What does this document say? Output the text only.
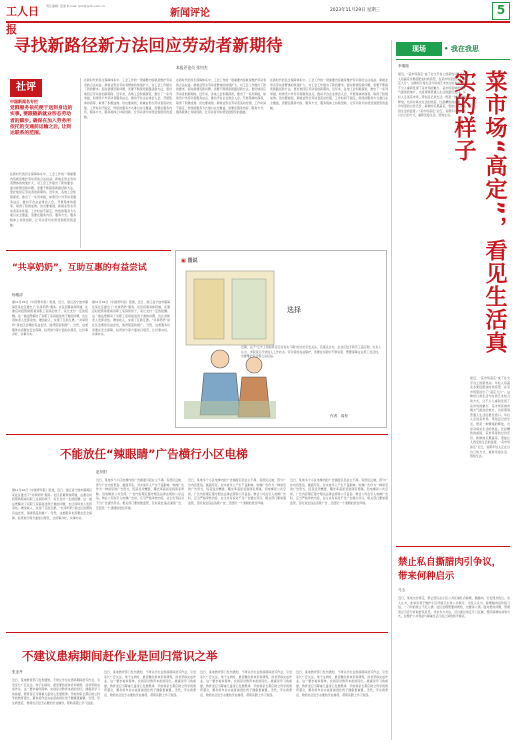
工人日报
责任编辑: 吴迪 E-mail: tjsh@grrb.com.cn
新闻评论	2023年11月29日 星期三	5
寻找新路径新方法回应劳动者新期待
本报评论员 张钊杰
社评
中国新闻名专栏
党群服务依托便于送到身边的实事, 要跟随新就业形态劳动者的脚步, 确保在加入劳务所依托的交通前运输之后, 让到达联系的范围。
在新时代的民生保障体系中、工会工作的一项重要内容就是维护劳动者的合法权益。新就业形态劳动者群体的快速扩大，对工会工作提出了新的要求。面对新情况新问题，需要不断探索新路径新方法，更好地回应劳动者的新期待。近年来，各地工会积极探索，推出了一系列举措，如建设户外劳动者服务站点、推动平台企业建会入会、开展集体协商等，取得了积极成效。但也要看到，新就业形态劳动者流动性强、工作时间不固定，传统的服务方式难以完全覆盖，需要在服务内容、服务方式、服务载体上持续创新，让劳动者切实感受到组织的温暖。
在新时代的民生保障体系中、工会工作的一项重要内容就是维护劳动者的合法权益。新就业形态劳动者群体的快速扩大，对工会工作提出了新的要求。面对新情况新问题，需要不断探索新路径新方法，更好地回应劳动者的新期待。近年来，各地工会积极探索，推出了一系列举措，如建设户外劳动者服务站点、推动平台企业建会入会、开展集体协商等，取得了积极成效。但也要看到，新就业形态劳动者流动性强、工作时间不固定，传统的服务方式难以完全覆盖，需要在服务内容、服务方式、服务载体上持续创新，让劳动者切实感受到组织的温暖。
在新时代的民生保障体系中、工会工作的一项重要内容就是维护劳动者的合法权益。新就业形态劳动者群体的快速扩大，对工会工作提出了新的要求。面对新情况新问题，需要不断探索新路径新方法，更好地回应劳动者的新期待。近年来，各地工会积极探索，推出了一系列举措，如建设户外劳动者服务站点、推动平台企业建会入会、开展集体协商等，取得了积极成效。但也要看到，新就业形态劳动者流动性强、工作时间不固定，传统的服务方式难以完全覆盖，需要在服务内容、服务方式、服务载体上持续创新，让劳动者切实感受到组织的温暖。
在新时代的民生保障体系中、工会工作的一项重要内容就是维护劳动者的合法权益。新就业形态劳动者群体的快速扩大，对工会工作提出了新的要求。面对新情况新问题，需要不断探索新路径新方法，更好地回应劳动者的新期待。近年来，各地工会积极探索，推出了一系列举措，如建设户外劳动者服务站点、推动平台企业建会入会、开展集体协商等，取得了积极成效。但也要看到，新就业形态劳动者流动性强、工作时间不固定，传统的服务方式难以完全覆盖，需要在服务内容、服务方式、服务载体上持续创新，让劳动者切实感受到组织的温暖。
“共享奶奶”，互助互惠的有益尝试
杨敏清
据11月26日《中国青年报》报道，近日，浙江省宁波市镇海区某社区推出了“共享奶奶”服务。社区招募退休阿姨，在课后时段帮助照看双职工家庭的孩子，家长支付一定的报酬。这一做法既解决了双职工家庭接送孩子难的问题，也让退休老人发挥余热、增加收入，实现了互助互惠。“共享奶奶”是社区治理的有益尝试，值得借鉴和推广。当然，这类服务也需要在安全保障、权责划分等方面加以规范，让好事办好、实事办实。
据11月26日《中国青年报》报道，近日，浙江省宁波市镇海区某社区推出了“共享奶奶”服务。社区招募退休阿姨，在课后时段帮助照看双职工家庭的孩子，家长支付一定的报酬。这一做法既解决了双职工家庭接送孩子难的问题，也让退休老人发挥余热、增加收入，实现了互助互惠。“共享奶奶”是社区治理的有益尝试，值得借鉴和推广。当然，这类服务也需要在安全保障、权责划分等方面加以规范，让好事办好、实事办实。
▣ 图说
选择
近期，关于“正式上班前是否应该有实习期”的讨论引发关注。有观点认为，企业应给予新员工适应期；也有人认为，求职者应尽快进入工作状态。劳动者的权益保护，需要在实践中不断完善，既要保障企业用工灵活性，也要维护劳动者合法权益。
作者：周松
不能放任“辣眼睛”广告横行小区电梯
赵东阳
近日，某地多个小区电梯内的广告画面引起业主不满。有居民反映，部分广告内容低俗、画面夸张，对未成年人产生不良影响。电梯广告作为一种常见的广告形式，因其受众精准、曝光率高而受到商家青睐。但电梯是公共空间，广告内容理应遵守相关法律法规和公序良俗。物业公司在引入电梯广告时，应当严格审核内容，业主也有权对不当广告提出异议。相关部门要加强监管，及时查处违法违规广告，还居民一个清朗的居住环境。
近日，某地多个小区电梯内的广告画面引起业主不满。有居民反映，部分广告内容低俗、画面夸张，对未成年人产生不良影响。电梯广告作为一种常见的广告形式，因其受众精准、曝光率高而受到商家青睐。但电梯是公共空间，广告内容理应遵守相关法律法规和公序良俗。物业公司在引入电梯广告时，应当严格审核内容，业主也有权对不当广告提出异议。相关部门要加强监管，及时查处违法违规广告，还居民一个清朗的居住环境。
近日，某地多个小区电梯内的广告画面引起业主不满。有居民反映，部分广告内容低俗、画面夸张，对未成年人产生不良影响。电梯广告作为一种常见的广告形式，因其受众精准、曝光率高而受到商家青睐。但电梯是公共空间，广告内容理应遵守相关法律法规和公序良俗。物业公司在引入电梯广告时，应当严格审核内容，业主也有权对不当广告提出异议。相关部门要加强监管，及时查处违法违规广告，还居民一个清朗的居住环境。
据11月26日《中国青年报》报道，近日，浙江省宁波市镇海区某社区推出了“共享奶奶”服务。社区招募退休阿姨，在课后时段帮助照看双职工家庭的孩子，家长支付一定的报酬。这一做法既解决了双职工家庭接送孩子难的问题，也让退休老人发挥余热、增加收入，实现了互助互惠。“共享奶奶”是社区治理的有益尝试，值得借鉴和推广。当然，这类服务也需要在安全保障、权责划分等方面加以规范，让好事办好、实事办实。
不建议患病期间赶作业是回归常识之举
张亚丹
近日，某地教育部门发布通知，不建议学生在患病期间赶写作业，引发家长广泛关注。孩子生病时，最需要的是休息和调养，而非带病完成作业。这一要求看似简单，实则是对教育本质的回归。健康是学习的前提，教育者应当尊重儿童身心发展规律。学校和家长都应树立科学的教育观念，避免将作业完成度看得比孩子健康更重要。当然，学生病愈后，教师也应给予必要的学业辅导，帮助其跟上学习进度。
近日，某地教育部门发布通知，不建议学生在患病期间赶写作业，引发家长广泛关注。孩子生病时，最需要的是休息和调养，而非带病完成作业。这一要求看似简单，实则是对教育本质的回归。健康是学习的前提，教育者应当尊重儿童身心发展规律。学校和家长都应树立科学的教育观念，避免将作业完成度看得比孩子健康更重要。当然，学生病愈后，教师也应给予必要的学业辅导，帮助其跟上学习进度。
近日，某地教育部门发布通知，不建议学生在患病期间赶写作业，引发家长广泛关注。孩子生病时，最需要的是休息和调养，而非带病完成作业。这一要求看似简单，实则是对教育本质的回归。健康是学习的前提，教育者应当尊重儿童身心发展规律。学校和家长都应树立科学的教育观念，避免将作业完成度看得比孩子健康更重要。当然，学生病愈后，教师也应给予必要的学业辅导，帮助其跟上学习进度。
近日，某地教育部门发布通知，不建议学生在患病期间赶写作业，引发家长广泛关注。孩子生病时，最需要的是休息和调养，而非带病完成作业。这一要求看似简单，实则是对教育本质的回归。健康是学习的前提，教育者应当尊重儿童身心发展规律。学校和家长都应树立科学的教育观念，避免将作业完成度看得比孩子健康更重要。当然，学生病愈后，教师也应给予必要的学业辅导，帮助其跟上学习进度。
现场	• 我在我思
李瑞瑞
菜市场“高定”，看见生活真实的样子
最近，“菜市场高定”成了社交平台上的新热词。年轻人将蔬菜水果搭配成时尚造型，在菜市场里拍出了“高定大片”。这种将日常生活与时尚艺术结合的方式，让不少人重新发现了菜市场的魅力。菜市场是城市烟火气最浓的地方，也是观察普通人生活的最佳窗口。年轻人走进菜市场，用创意记录生活，既是一种情绪的释放，也是对真实生活的热爱。比起精致的滤镜，菜市场里的讨价还价、新鲜的瓜果蔬菜，更能让人感受到生活的温度。“菜市场高定”走红，说明年轻人正在以自己的方式，重新连接生活、感知生活。
最近，“菜市场高定”成了社交平台上的新热词。年轻人将蔬菜水果搭配成时尚造型，在菜市场里拍出了“高定大片”。这种将日常生活与时尚艺术结合的方式，让不少人重新发现了菜市场的魅力。菜市场是城市烟火气最浓的地方，也是观察普通人生活的最佳窗口。年轻人走进菜市场，用创意记录生活，既是一种情绪的释放，也是对真实生活的热爱。比起精致的滤镜，菜市场里的讨价还价、新鲜的瓜果蔬菜，更能让人感受到生活的温度。“菜市场高定”走红，说明年轻人正在以自己的方式，重新连接生活、感知生活。
禁止私自撕腊肉引争议，带来何种启示
马玉
近日，某地出台规定，禁止居民在小区公共区域私自晾晒、撕腊肉，引发网友热议。有人认为，此举有利于维护小区环境卫生和公共秩序；也有人认为，晾晒腊肉是传统习俗，一刀切的禁止不近人情。社区治理既要讲规矩，也要讲人情。面对类似问题，管理者应当充分听取居民意见，寻求多方共识，可以通过划定专门区域、规范晾晒时间等方式，在维护公共利益与尊重生活习俗之间找到平衡点。
